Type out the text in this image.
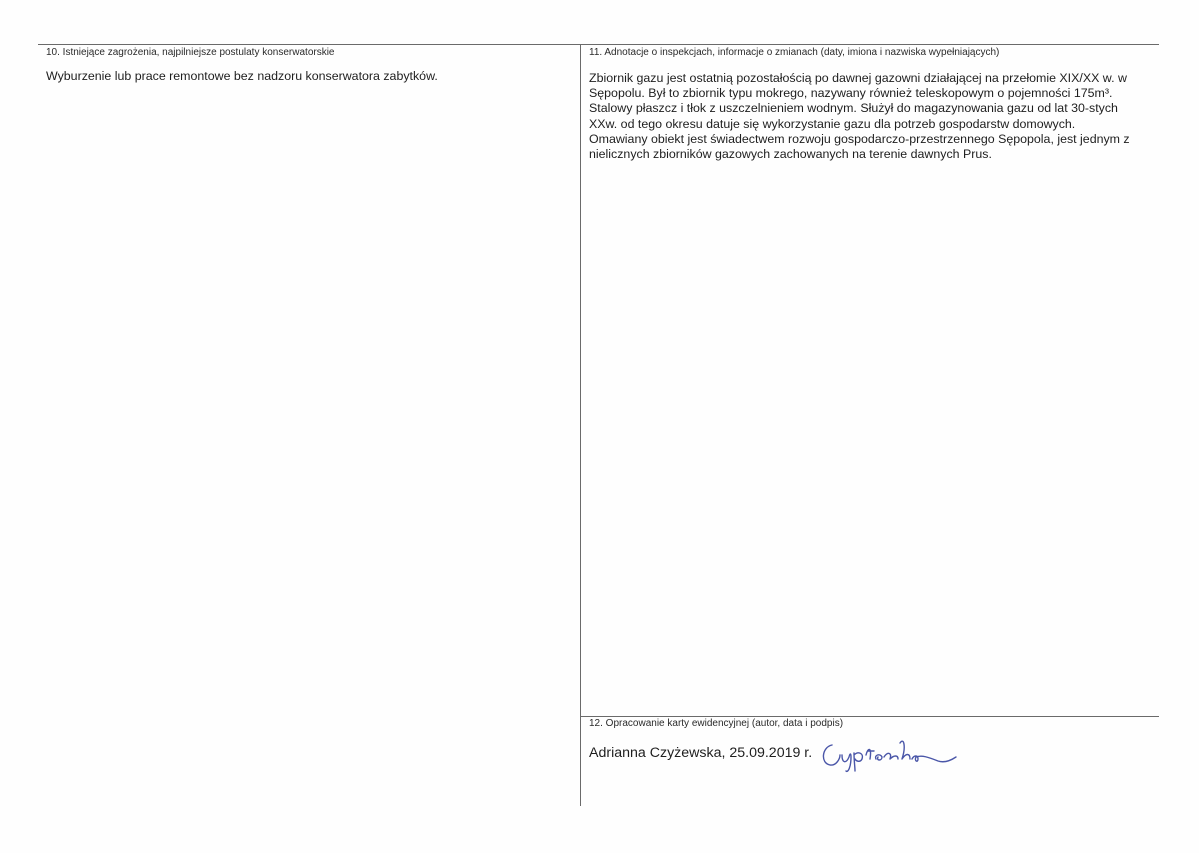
10. Istniejące zagrożenia, najpilniejsze postulaty konserwatorskie
Wyburzenie lub prace remontowe bez nadzoru konserwatora zabytków.
11. Adnotacje o inspekcjach, informacje o zmianach (daty, imiona i nazwiska wypełniających)
Zbiornik gazu jest ostatnią pozostałością po dawnej gazowni działającej na przełomie XIX/XX w. w
Sępopolu. Był to zbiornik typu mokrego, nazywany również teleskopowym o pojemności 175m³.
Stalowy płaszcz i tłok z uszczelnieniem wodnym. Służył do magazynowania gazu od lat 30-stych
XXw. od tego okresu datuje się wykorzystanie gazu dla potrzeb gospodarstw domowych.
Omawiany obiekt jest świadectwem rozwoju gospodarczo-przestrzennego Sępopola, jest jednym z
nielicznych zbiorników gazowych zachowanych na terenie dawnych Prus.
12. Opracowanie karty ewidencyjnej (autor, data i podpis)
Adrianna Czyżewska, 25.09.2019 r.
